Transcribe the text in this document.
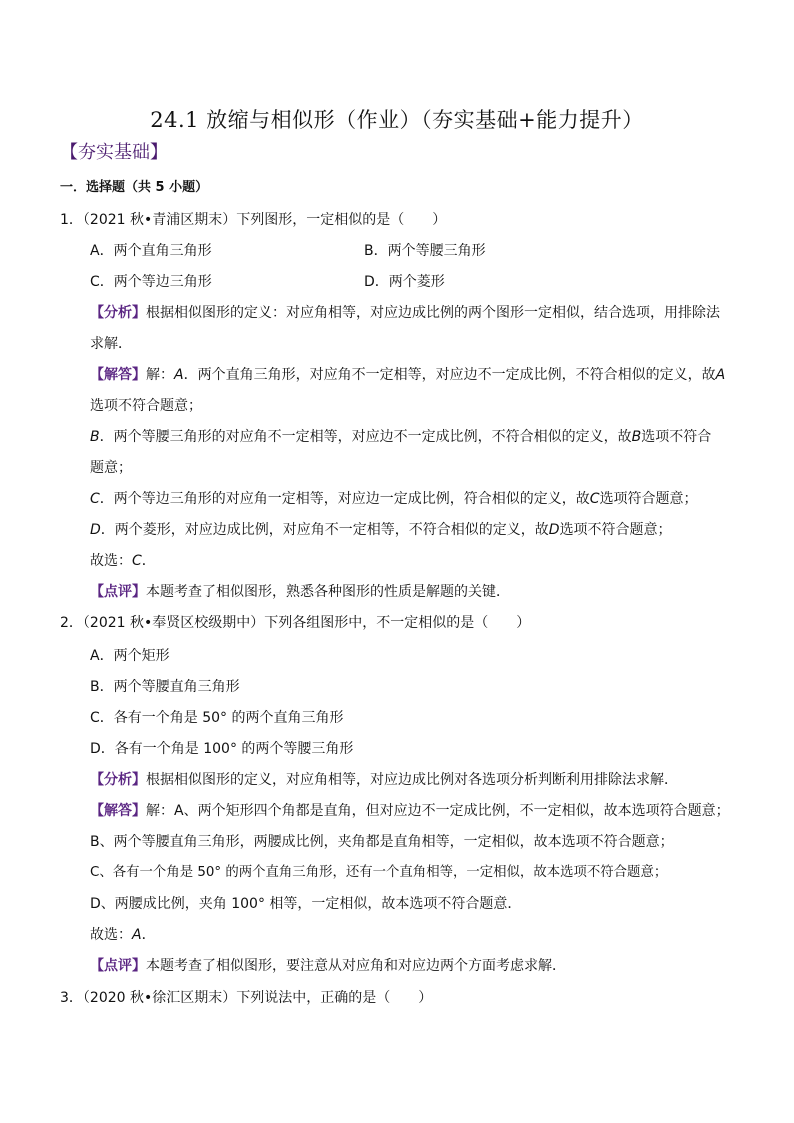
24.1 放缩与相似形（作业）（夯实基础+能力提升）
【夯实基础】
一．选择题（共 5 小题）
1．（2021 秋•青浦区期末）下列图形，一定相似的是（　　）
A．两个直角三角形	B．两个等腰三角形
C．两个等边三角形	D．两个菱形
【分析】根据相似图形的定义：对应角相等，对应边成比例的两个图形一定相似，结合选项，用排除法
求解．
【解答】解：A．两个直角三角形，对应角不一定相等，对应边不一定成比例，不符合相似的定义，故A
选项不符合题意；
B．两个等腰三角形的对应角不一定相等，对应边不一定成比例，不符合相似的定义，故B选项不符合
题意；
C．两个等边三角形的对应角一定相等，对应边一定成比例，符合相似的定义，故C选项符合题意；
D．两个菱形，对应边成比例，对应角不一定相等，不符合相似的定义，故D选项不符合题意；
故选：C．
【点评】本题考查了相似图形，熟悉各种图形的性质是解题的关键．
2．（2021 秋•奉贤区校级期中）下列各组图形中，不一定相似的是（　　）
A．两个矩形
B．两个等腰直角三角形
C．各有一个角是 50° 的两个直角三角形
D．各有一个角是 100° 的两个等腰三角形
【分析】根据相似图形的定义，对应角相等，对应边成比例对各选项分析判断利用排除法求解．
【解答】解：A、两个矩形四个角都是直角，但对应边不一定成比例，不一定相似，故本选项符合题意；
B、两个等腰直角三角形，两腰成比例，夹角都是直角相等，一定相似，故本选项不符合题意；
C、各有一个角是 50° 的两个直角三角形，还有一个直角相等，一定相似，故本选项不符合题意；
D、两腰成比例，夹角 100° 相等，一定相似，故本选项不符合题意．
故选：A．
【点评】本题考查了相似图形，要注意从对应角和对应边两个方面考虑求解．
3．（2020 秋•徐汇区期末）下列说法中，正确的是（　　）
